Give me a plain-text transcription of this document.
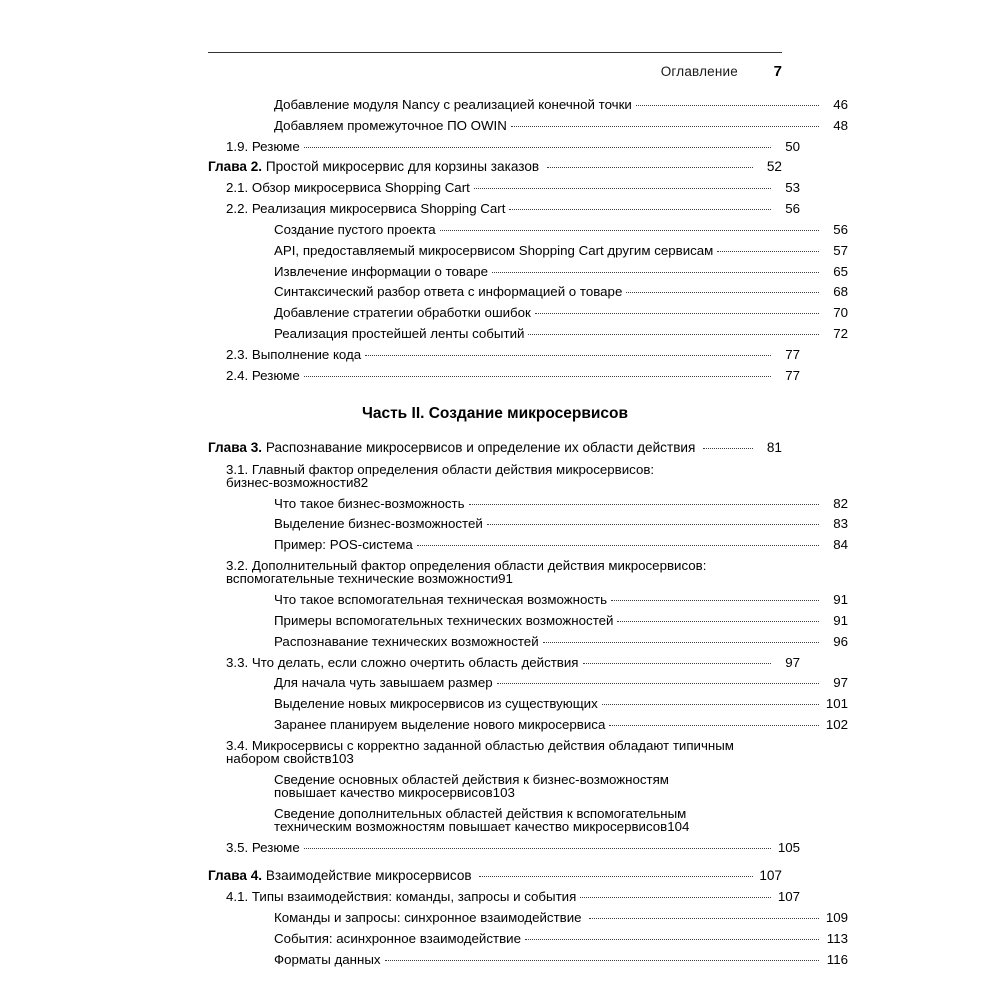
Оглавление	7
Добавление модуля Nancy с реализацией конечной точки	46
Добавляем промежуточное ПО OWIN	48
1.9. Резюме	50
Глава 2. Простой микросервис для корзины заказов	52
2.1. Обзор микросервиса Shopping Cart	53
2.2. Реализация микросервиса Shopping Cart	56
Создание пустого проекта	56
API, предоставляемый микросервисом Shopping Cart другим сервисам	57
Извлечение информации о товаре	65
Синтаксический разбор ответа с информацией о товаре	68
Добавление стратегии обработки ошибок	70
Реализация простейшей ленты событий	72
2.3. Выполнение кода	77
2.4. Резюме	77
Часть II. Создание микросервисов
Глава 3. Распознавание микросервисов и определение их области действия	81
3.1. Главный фактор определения области действия микросервисов:
бизнес-возможности 82
Что такое бизнес-возможность	82
Выделение бизнес-возможностей	83
Пример: POS-система	84
3.2. Дополнительный фактор определения области действия микросервисов:
вспомогательные технические возможности 91
Что такое вспомогательная техническая возможность	91
Примеры вспомогательных технических возможностей	91
Распознавание технических возможностей	96
3.3. Что делать, если сложно очертить область действия	97
Для начала чуть завышаем размер	97
Выделение новых микросервисов из существующих	101
Заранее планируем выделение нового микросервиса	102
3.4. Микросервисы с корректно заданной областью действия обладают типичным
набором свойств 103
Сведение основных областей действия к бизнес-возможностям
повышает качество микросервисов 103
Сведение дополнительных областей действия к вспомогательным
техническим возможностям повышает качество микросервисов 104
3.5. Резюме	105
Глава 4. Взаимодействие микросервисов	107
4.1. Типы взаимодействия: команды, запросы и события	107
Команды и запросы: синхронное взаимодействие	109
События: асинхронное взаимодействие	113
Форматы данных	116
